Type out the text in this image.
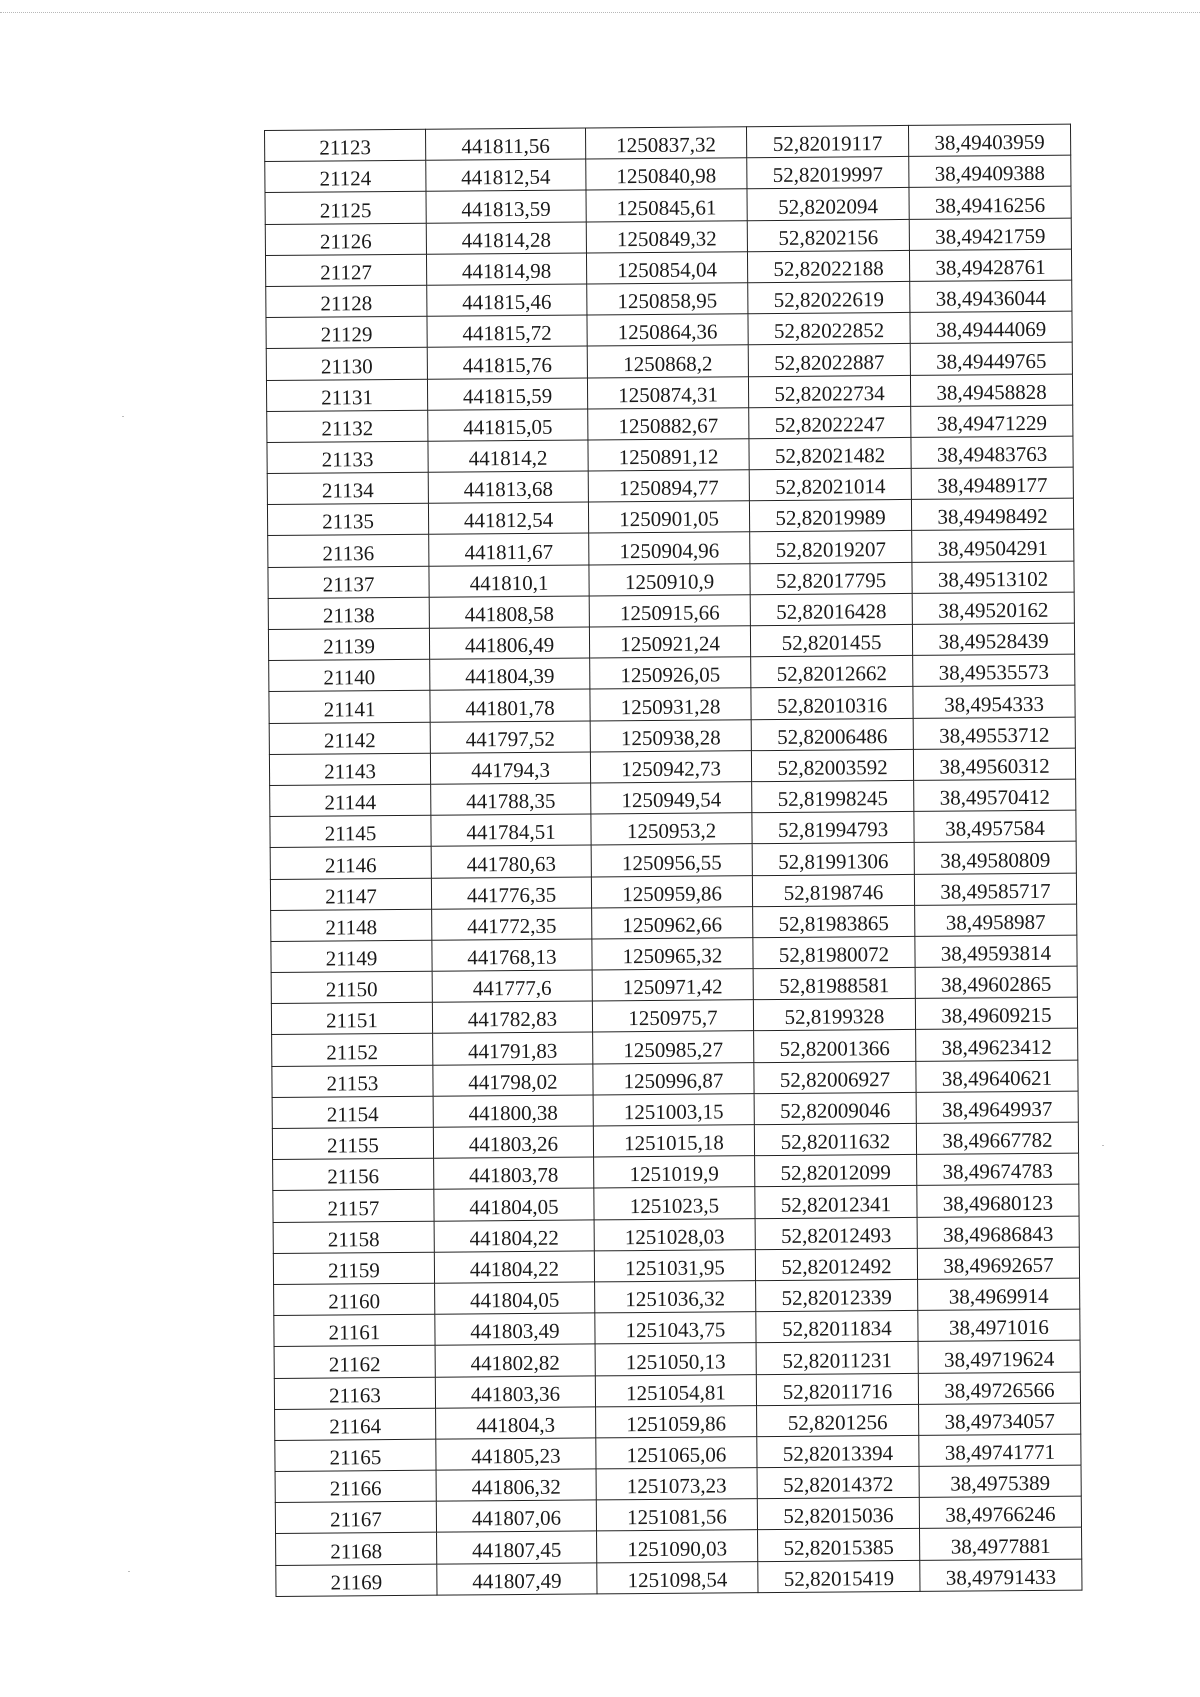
21123	441811,56	1250837,32	52,82019117	38,49403959
21124	441812,54	1250840,98	52,82019997	38,49409388
21125	441813,59	1250845,61	52,8202094	38,49416256
21126	441814,28	1250849,32	52,8202156	38,49421759
21127	441814,98	1250854,04	52,82022188	38,49428761
21128	441815,46	1250858,95	52,82022619	38,49436044
21129	441815,72	1250864,36	52,82022852	38,49444069
21130	441815,76	1250868,2	52,82022887	38,49449765
21131	441815,59	1250874,31	52,82022734	38,49458828
21132	441815,05	1250882,67	52,82022247	38,49471229
21133	441814,2	1250891,12	52,82021482	38,49483763
21134	441813,68	1250894,77	52,82021014	38,49489177
21135	441812,54	1250901,05	52,82019989	38,49498492
21136	441811,67	1250904,96	52,82019207	38,49504291
21137	441810,1	1250910,9	52,82017795	38,49513102
21138	441808,58	1250915,66	52,82016428	38,49520162
21139	441806,49	1250921,24	52,8201455	38,49528439
21140	441804,39	1250926,05	52,82012662	38,49535573
21141	441801,78	1250931,28	52,82010316	38,4954333
21142	441797,52	1250938,28	52,82006486	38,49553712
21143	441794,3	1250942,73	52,82003592	38,49560312
21144	441788,35	1250949,54	52,81998245	38,49570412
21145	441784,51	1250953,2	52,81994793	38,4957584
21146	441780,63	1250956,55	52,81991306	38,49580809
21147	441776,35	1250959,86	52,8198746	38,49585717
21148	441772,35	1250962,66	52,81983865	38,4958987
21149	441768,13	1250965,32	52,81980072	38,49593814
21150	441777,6	1250971,42	52,81988581	38,49602865
21151	441782,83	1250975,7	52,8199328	38,49609215
21152	441791,83	1250985,27	52,82001366	38,49623412
21153	441798,02	1250996,87	52,82006927	38,49640621
21154	441800,38	1251003,15	52,82009046	38,49649937
21155	441803,26	1251015,18	52,82011632	38,49667782
21156	441803,78	1251019,9	52,82012099	38,49674783
21157	441804,05	1251023,5	52,82012341	38,49680123
21158	441804,22	1251028,03	52,82012493	38,49686843
21159	441804,22	1251031,95	52,82012492	38,49692657
21160	441804,05	1251036,32	52,82012339	38,4969914
21161	441803,49	1251043,75	52,82011834	38,4971016
21162	441802,82	1251050,13	52,82011231	38,49719624
21163	441803,36	1251054,81	52,82011716	38,49726566
21164	441804,3	1251059,86	52,8201256	38,49734057
21165	441805,23	1251065,06	52,82013394	38,49741771
21166	441806,32	1251073,23	52,82014372	38,4975389
21167	441807,06	1251081,56	52,82015036	38,49766246
21168	441807,45	1251090,03	52,82015385	38,4977881
21169	441807,49	1251098,54	52,82015419	38,49791433
